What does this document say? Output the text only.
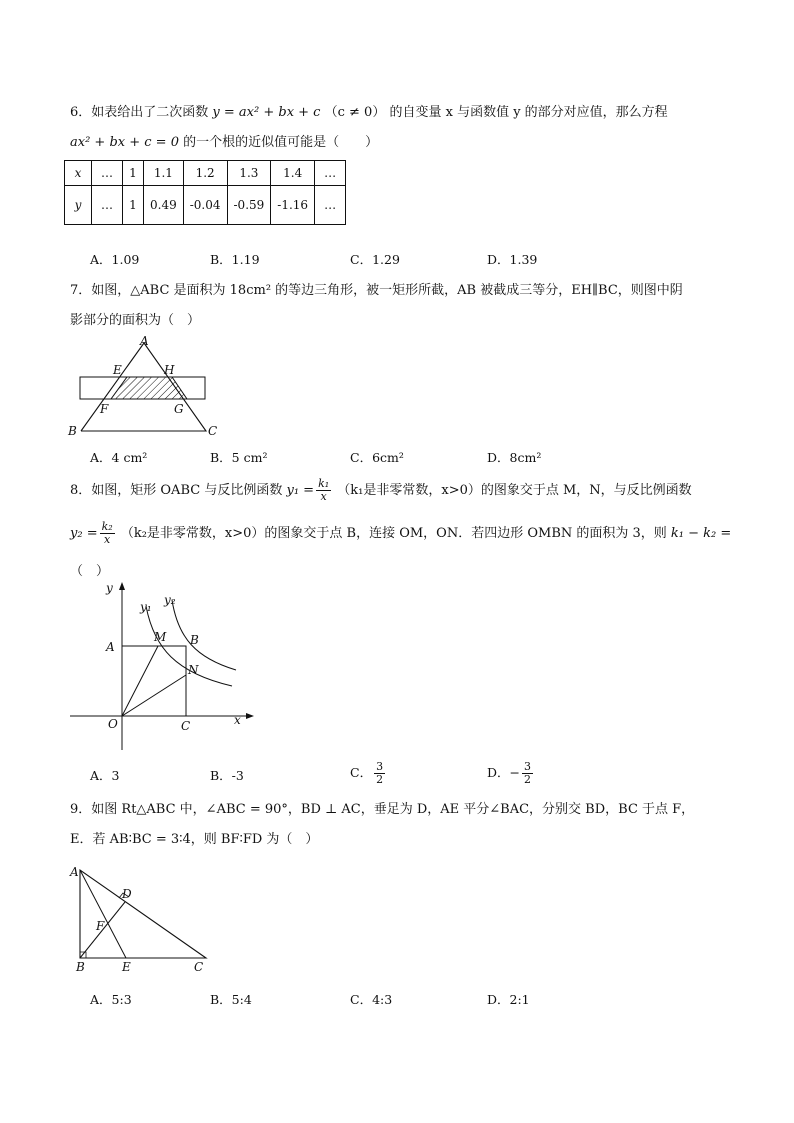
6．如表给出了二次函数 y = ax² + bx + c （c ≠ 0） 的自变量 x 与函数值 y 的部分对应值，那么方程
ax² + bx + c = 0 的一个根的近似值可能是（　　）
x	…	1	1.1	1.2	1.3	1.4	…
y	…	1	0.49	-0.04	-0.59	-1.16	…
A．1.09	B．1.19	C．1.29	D．1.39
7．如图，△ABC 是面积为 18cm² 的等边三角形，被一矩形所截，AB 被截成三等分，EH∥BC，则图中阴
影部分的面积为（　）
A
B	C
E	H
F	G
A．4 cm²	B．5 cm²	C．6cm²	D．8cm²
8．如图，矩形 OABC 与反比例函数 $y_1 = \frac{\text{k₁}}{x} (k_1$是非零常数，x>0）的图象交于点 M，N，与反比例函数
$y_2 = \frac{\text{k₂}}{x} (k_2$是非零常数，x>0）的图象交于点 B，连接 OM，ON．若四边形 OMBN 的面积为 3，则 k₁ − k₂ =
（　）
y
x
O
A	B
C
M
N
y₁ y₂
A．3	B．-3	C． $\frac{3}{2}$	D．− $\frac{3}{2}$
9．如图 Rt△ABC 中，∠ABC = 90°，BD ⊥ AC，垂足为 D，AE 平分∠BAC，分别交 BD，BC 于点 F，
E．若 AB∶BC = 3∶4，则 BF∶FD 为（　）
A
B	C
D
E
F
A．5:3	B．5:4	C．4:3	D．2:1
